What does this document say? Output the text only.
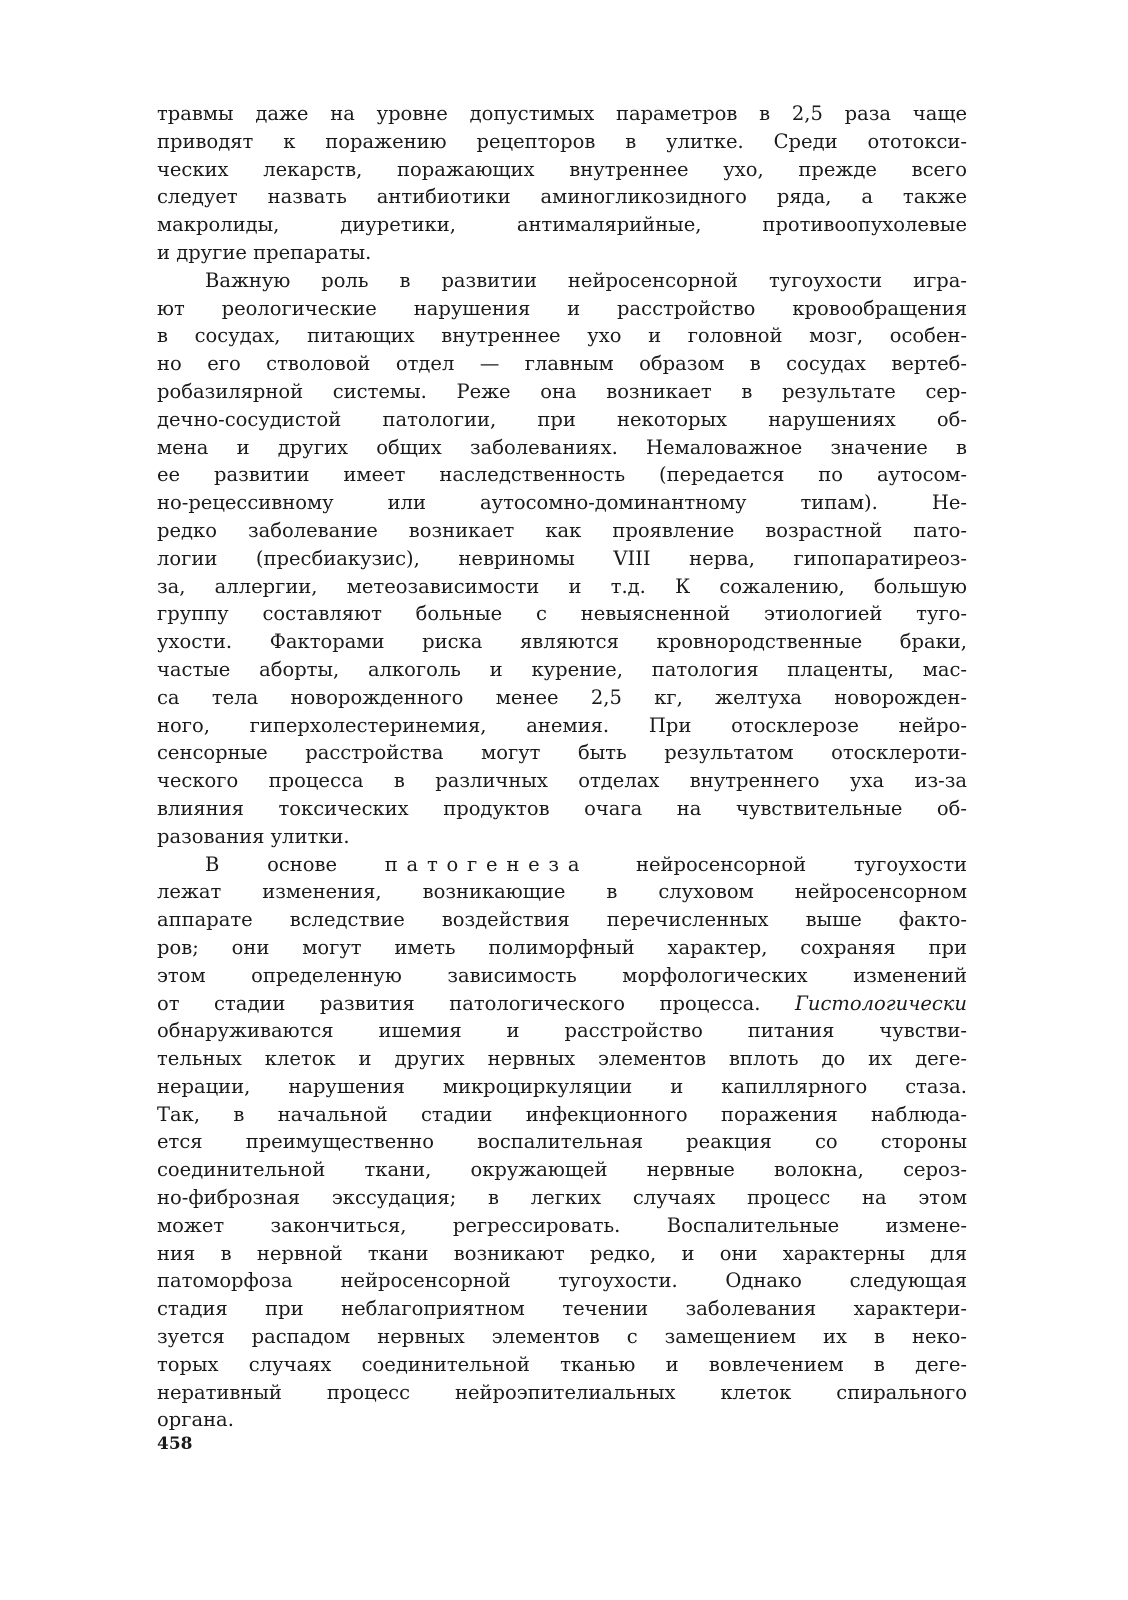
травмы даже на уровне допустимых параметров в 2,5 раза чаще
приводят к поражению рецепторов в улитке. Среди ототокси-
ческих лекарств, поражающих внутреннее ухо, прежде всего
следует назвать антибиотики аминогликозидного ряда, а также
макролиды, диуретики, антималярийные, противоопухолевые
и другие препараты.
Важную роль в развитии нейросенсорной тугоухости игра-
ют реологические нарушения и расстройство кровообращения
в сосудах, питающих внутреннее ухо и головной мозг, особен-
но его стволовой отдел — главным образом в сосудах вертеб-
робазилярной системы. Реже она возникает в результате сер-
дечно-сосудистой патологии, при некоторых нарушениях об-
мена и других общих заболеваниях. Немаловажное значение в
ее развитии имеет наследственность (передается по аутосом-
но-рецессивному или аутосомно-доминантному типам). Не-
редко заболевание возникает как проявление возрастной пато-
логии (пресбиакузис), невриномы VIII нерва, гипопаратиреоз-
за, аллергии, метеозависимости и т.д. К сожалению, большую
группу составляют больные с невыясненной этиологией туго-
ухости. Факторами риска являются кровнородственные браки,
частые аборты, алкоголь и курение, патология плаценты, мас-
са тела новорожденного менее 2,5 кг, желтуха новорожден-
ного, гиперхолестеринемия, анемия. При отосклерозе нейро-
сенсорные расстройства могут быть результатом отосклероти-
ческого процесса в различных отделах внутреннего уха из-за
влияния токсических продуктов очага на чувствительные об-
разования улитки.
В основе патогенеза нейросенсорной тугоухости
лежат изменения, возникающие в слуховом нейросенсорном
аппарате вследствие воздействия перечисленных выше факто-
ров; они могут иметь полиморфный характер, сохраняя при
этом определенную зависимость морфологических изменений
от стадии развития патологического процесса. Гистологически
обнаруживаются ишемия и расстройство питания чувстви-
тельных клеток и других нервных элементов вплоть до их деге-
нерации, нарушения микроциркуляции и капиллярного стаза.
Так, в начальной стадии инфекционного поражения наблюда-
ется преимущественно воспалительная реакция со стороны
соединительной ткани, окружающей нервные волокна, сероз-
но-фиброзная экссудация; в легких случаях процесс на этом
может закончиться, регрессировать. Воспалительные измене-
ния в нервной ткани возникают редко, и они характерны для
патоморфоза нейросенсорной тугоухости. Однако следующая
стадия при неблагоприятном течении заболевания характери-
зуется распадом нервных элементов с замещением их в неко-
торых случаях соединительной тканью и вовлечением в деге-
неративный процесс нейроэпителиальных клеток спирального
органа.
458
